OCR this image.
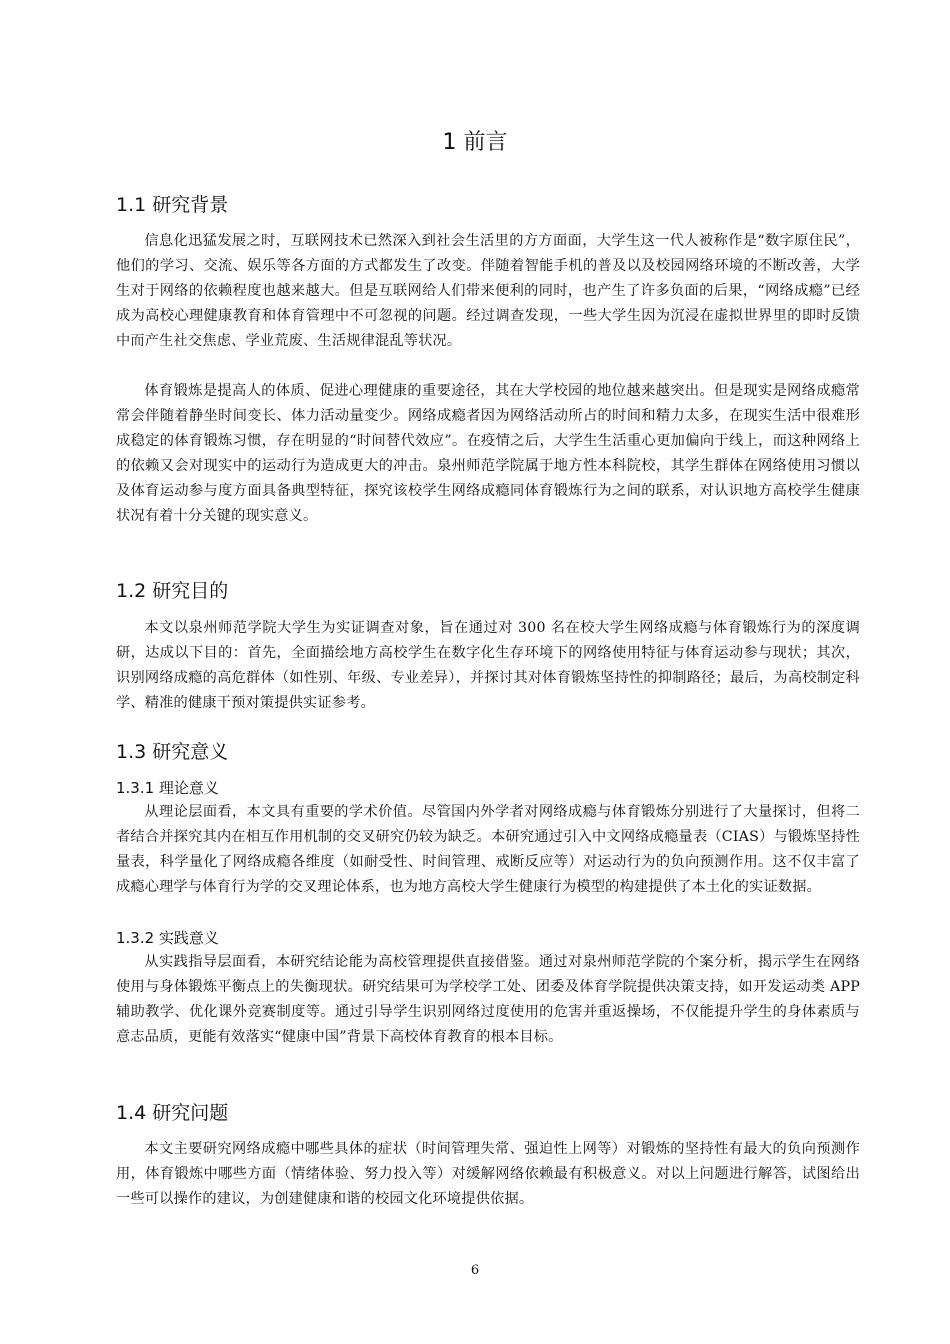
1 前言
1.1 研究背景

信息化迅猛发展之时，互联网技术已然深入到社会生活里的方方面面，大学生这一代人被称作是“数字原住民”，他们的学习、交流、娱乐等各方面的方式都发生了改变。伴随着智能手机的普及以及校园网络环境的不断改善，大学生对于网络的依赖程度也越来越大。但是互联网给人们带来便利的同时，也产生了许多负面的后果，“网络成瘾”已经成为高校心理健康教育和体育管理中不可忽视的问题。经过调查发现，一些大学生因为沉浸在虚拟世界里的即时反馈中而产生社交焦虑、学业荒废、生活规律混乱等状况。

体育锻炼是提高人的体质、促进心理健康的重要途径，其在大学校园的地位越来越突出。但是现实是网络成瘾常常会伴随着静坐时间变长、体力活动量变少。网络成瘾者因为网络活动所占的时间和精力太多，在现实生活中很难形成稳定的体育锻炼习惯，存在明显的“时间替代效应”。在疫情之后，大学生生活重心更加偏向于线上，而这种网络上的依赖又会对现实中的运动行为造成更大的冲击。泉州师范学院属于地方性本科院校，其学生群体在网络使用习惯以及体育运动参与度方面具备典型特征，探究该校学生网络成瘾同体育锻炼行为之间的联系，对认识地方高校学生健康状况有着十分关键的现实意义。

1.2 研究目的

本文以泉州师范学院大学生为实证调查对象，旨在通过对 300 名在校大学生网络成瘾与体育锻炼行为的深度调研，达成以下目的：首先，全面描绘地方高校学生在数字化生存环境下的网络使用特征与体育运动参与现状；其次，识别网络成瘾的高危群体（如性别、年级、专业差异），并探讨其对体育锻炼坚持性的抑制路径；最后，为高校制定科学、精准的健康干预对策提供实证参考。

1.3 研究意义
1.3.1 理论意义

从理论层面看，本文具有重要的学术价值。尽管国内外学者对网络成瘾与体育锻炼分别进行了大量探讨，但将二者结合并探究其内在相互作用机制的交叉研究仍较为缺乏。本研究通过引入中文网络成瘾量表（CIAS）与锻炼坚持性量表，科学量化了网络成瘾各维度（如耐受性、时间管理、戒断反应等）对运动行为的负向预测作用。这不仅丰富了成瘾心理学与体育行为学的交叉理论体系，也为地方高校大学生健康行为模型的构建提供了本土化的实证数据。

1.3.2 实践意义

从实践指导层面看，本研究结论能为高校管理提供直接借鉴。通过对泉州师范学院的个案分析，揭示学生在网络使用与身体锻炼平衡点上的失衡现状。研究结果可为学校学工处、团委及体育学院提供决策支持，如开发运动类 APP 辅助教学、优化课外竞赛制度等。通过引导学生识别网络过度使用的危害并重返操场，不仅能提升学生的身体素质与意志品质，更能有效落实“健康中国”背景下高校体育教育的根本目标。

1.4 研究问题

本文主要研究网络成瘾中哪些具体的症状（时间管理失常、强迫性上网等）对锻炼的坚持性有最大的负向预测作用，体育锻炼中哪些方面（情绪体验、努力投入等）对缓解网络依赖最有积极意义。对以上问题进行解答，试图给出一些可以操作的建议，为创建健康和谐的校园文化环境提供依据。

6
